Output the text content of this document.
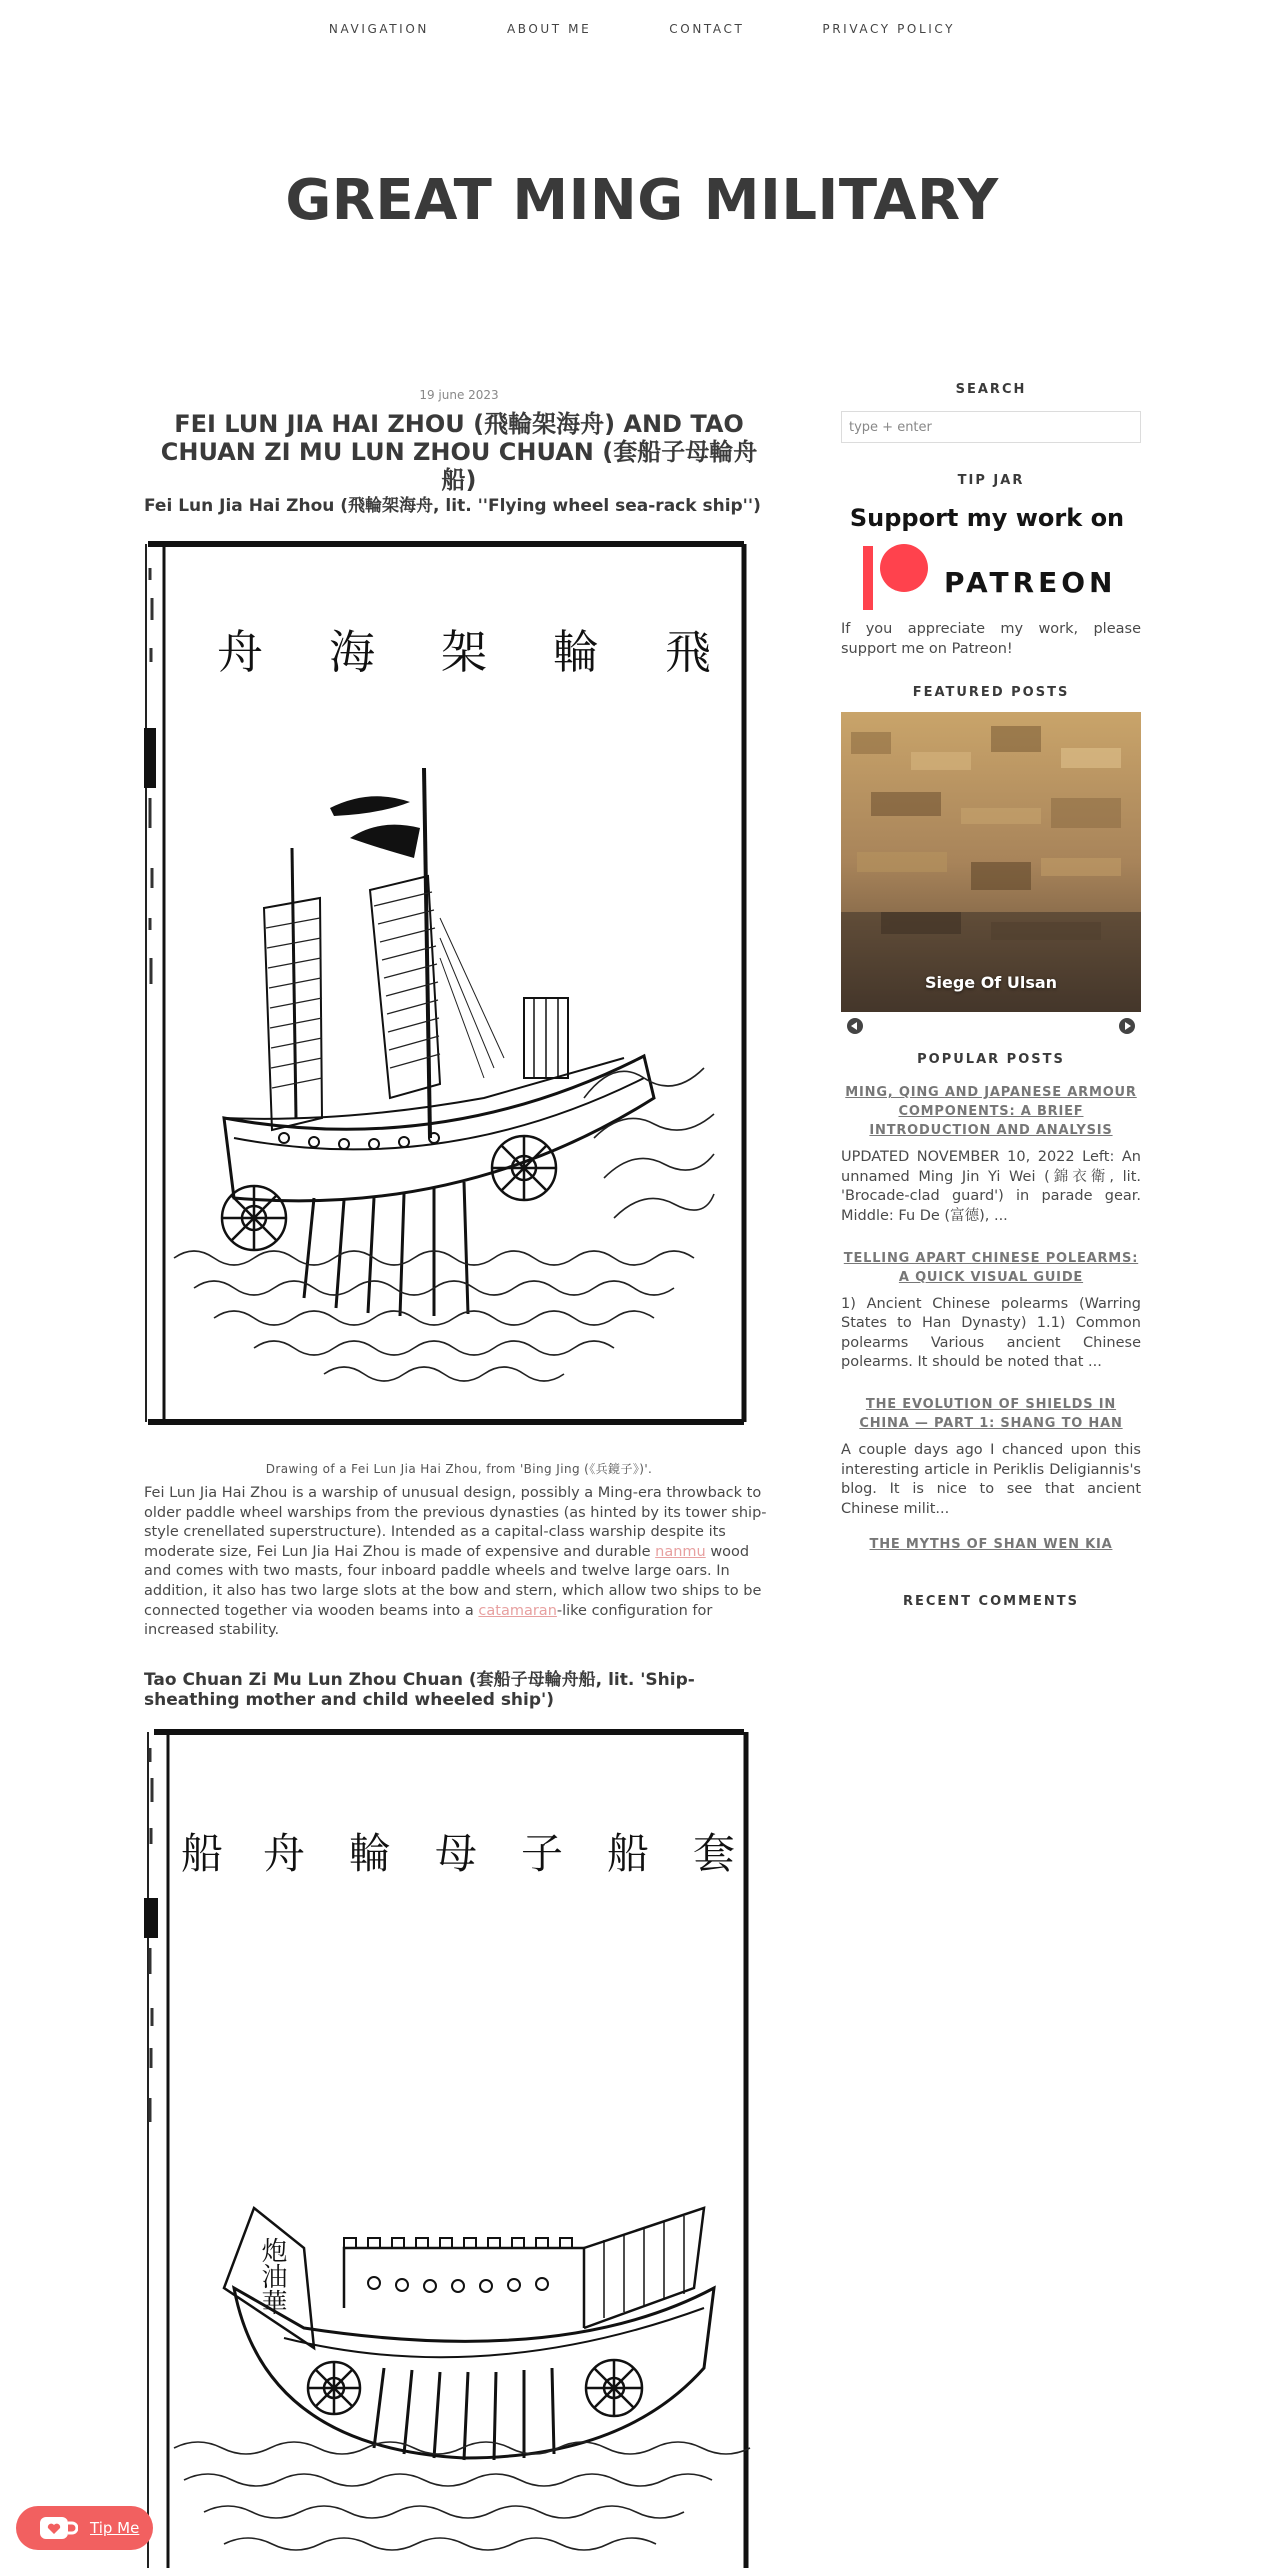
NAVIGATION	ABOUT ME	CONTACT	PRIVACY POLICY
GREAT MING MILITARY
19 june 2023
FEI LUN JIA HAI ZHOU (飛輪架海舟) AND TAO CHUAN ZI MU LUN ZHOU CHUAN (套船子母輪舟船)
Fei Lun Jia Hai Zhou (飛輪架海舟, lit. ''Flying wheel sea-rack ship'')
飛
輪
架
海
舟
Drawing of a Fei Lun Jia Hai Zhou, from 'Bing Jing (《兵鏡子》)'.

Fei Lun Jia Hai Zhou is a warship of unusual design, possibly a Ming-era throwback to older paddle wheel warships from the previous dynasties (as hinted by its tower ship-style crenellated superstructure). Intended as a capital-class warship despite its moderate size, Fei Lun Jia Hai Zhou is made of expensive and durable nanmu wood and comes with two masts, four inboard paddle wheels and twelve large oars. In addition, it also has two large slots at the bow and stern, which allow two ships to be connected together via wooden beams into a catamaran-like configuration for increased stability.

Tao Chuan Zi Mu Lun Zhou Chuan (套船子母輪舟船, lit. 'Ship-sheathing mother and child wheeled ship')
套
船
子
母
輪
舟
船
炮油華
SEARCH
type + enter
TIP JAR
Support my work on
PATREON

If you appreciate my work, please support me on Patreon!

FEATURED POSTS
Siege Of Ulsan
POPULAR POSTS
MING, QING AND JAPANESE ARMOUR COMPONENTS: A BRIEF INTRODUCTION AND ANALYSIS

UPDATED NOVEMBER 10, 2022 Left: An unnamed Ming Jin Yi Wei (錦衣衛, lit. 'Brocade-clad guard') in parade gear. Middle: Fu De (富德), ...

TELLING APART CHINESE POLEARMS: A QUICK VISUAL GUIDE

1) Ancient Chinese polearms (Warring States to Han Dynasty) 1.1) Common polearms Various ancient Chinese polearms. It should be noted that ...

THE EVOLUTION OF SHIELDS IN CHINA — PART 1: SHANG TO HAN

A couple days ago I chanced upon this interesting article in Periklis Deligiannis's blog. It is nice to see that ancient Chinese milit...

THE MYTHS OF SHAN WEN KIA
RECENT COMMENTS
Tip Me
